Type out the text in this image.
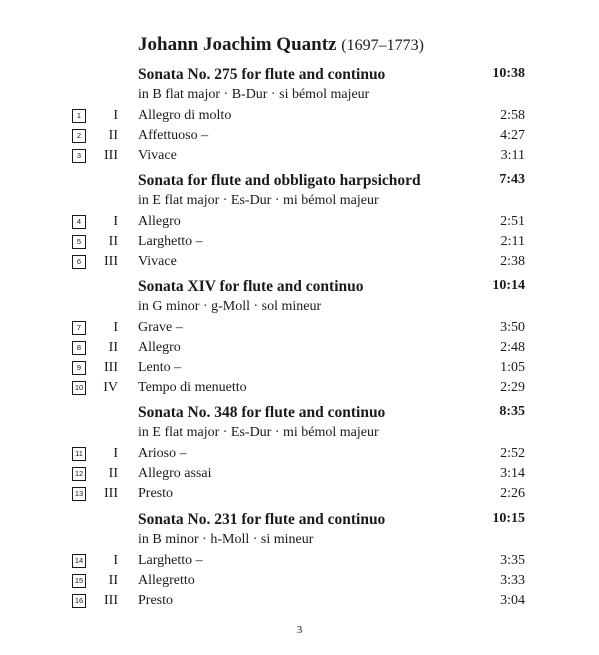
Johann Joachim Quantz (1697–1773)
Sonata No. 275 for flute and continuo	10:38
in B flat major · B-Dur · si bémol majeur
1	I Allegro di molto	2:58
2	II Affettuoso –	4:27
3	III Vivace	3:11
Sonata for flute and obbligato harpsichord	7:43
in E flat major · Es-Dur · mi bémol majeur
4	I Allegro	2:51
5	II Larghetto –	2:11
6	III Vivace	2:38
Sonata XIV for flute and continuo	10:14
in G minor · g-Moll · sol mineur
7	I Grave –	3:50
8	II Allegro	2:48
9	III Lento –	1:05
10	IV Tempo di menuetto	2:29
Sonata No. 348 for flute and continuo	8:35
in E flat major · Es-Dur · mi bémol majeur
11	I Arioso –	2:52
12	II Allegro assai	3:14
13	III Presto	2:26
Sonata No. 231 for flute and continuo	10:15
in B minor · h-Moll · si mineur
14	I Larghetto –	3:35
15	II Allegretto	3:33
16	III Presto	3:04
3
